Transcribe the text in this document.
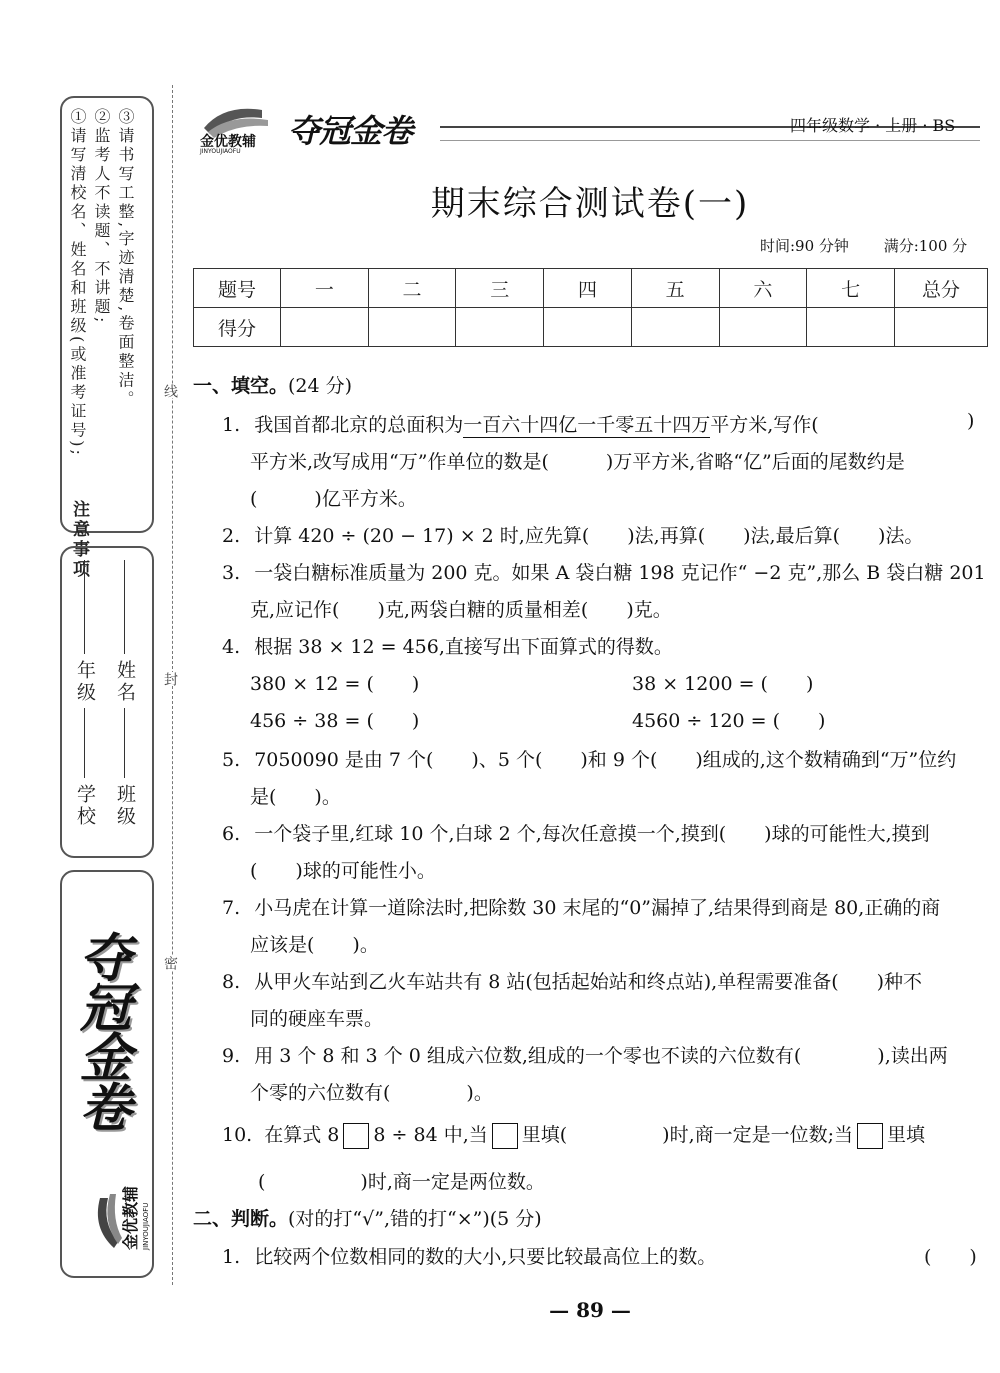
注意事项
①请写清校名、姓名和班级(或准考证号); ②监考人不读题、不讲题; ③请书写工整,字迹清楚,卷面整洁。
学校
年级
班级
姓名
夺冠金卷
金优教辅 JINYOUJIAOFU
线
封
密
金优教辅
JINYOUJIAOFU
夺冠金卷	四年级数学 · 上册 · BS
期末综合测试卷(一)
时间:90 分钟 满分:100 分
题号	一	二	三	四	五	六	七	总分
得分								
一、填空。(24 分)
1. 我国首都北京的总面积为一百六十四亿一千零五十四万平方米,写作(	)
平方米,改写成用“万”作单位的数是(　　　)万平方米,省略“亿”后面的尾数约是
(　　　)亿平方米。
2. 计算 420 ÷ (20 − 17) × 2 时,应先算(　　)法,再算(　　)法,最后算(　　)法。
3. 一袋白糖标准质量为 200 克。如果 A 袋白糖 198 克记作“ −2 克”,那么 B 袋白糖 201
克,应记作(　　)克,两袋白糖的质量相差(　　)克。
4. 根据 38 × 12 = 456,直接写出下面算式的得数。
380 × 12 = (　　)	38 × 1200 = (　　)
456 ÷ 38 = (　　)	4560 ÷ 120 = (　　)
5. 7050090 是由 7 个(　　)、5 个(　　)和 9 个(　　)组成的,这个数精确到“万”位约
是(　　)。
6. 一个袋子里,红球 10 个,白球 2 个,每次任意摸一个,摸到(　　)球的可能性大,摸到
(　　)球的可能性小。
7. 小马虎在计算一道除法时,把除数 30 末尾的“0”漏掉了,结果得到商是 80,正确的商
应该是(　　)。
8. 从甲火车站到乙火车站共有 8 站(包括起始站和终点站),单程需要准备(　　)种不
同的硬座车票。
9. 用 3 个 8 和 3 个 0 组成六位数,组成的一个零也不读的六位数有(　　　　),读出两
个零的六位数有(　　　　)。
10. 在算式 8 8 ÷ 84 中,当 里填(　　　　　)时,商一定是一位数;当 里填
(　　　　　)时,商一定是两位数。
二、判断。(对的打“√”,错的打“×”)(5 分)
1. 比较两个位数相同的数的大小,只要比较最高位上的数。	(　　)
— 89 —
